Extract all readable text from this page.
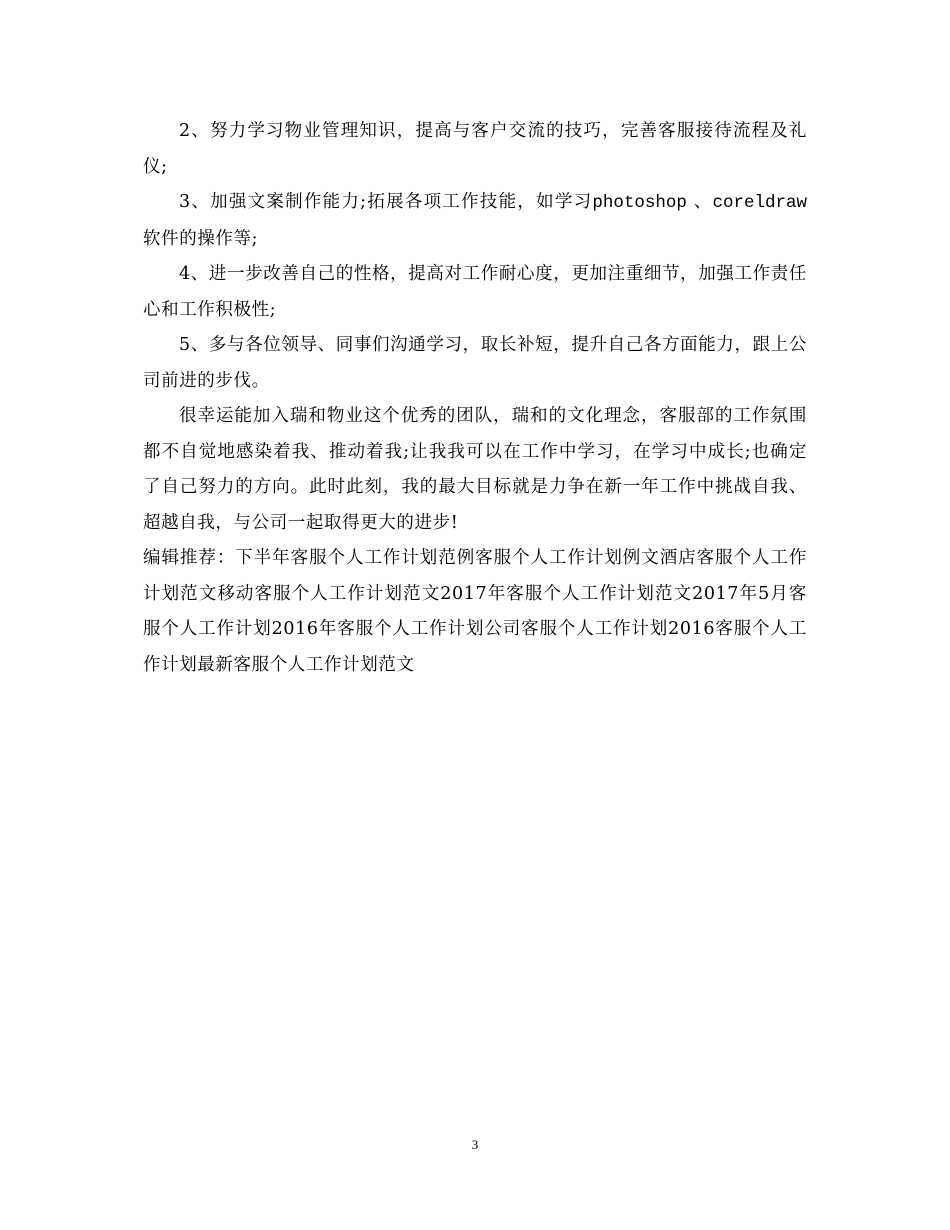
2、努力学习物业管理知识，提高与客户交流的技巧，完善客服接待流程及礼仪;

3、加强文案制作能力;拓展各项工作技能，如学习photoshop 、coreldraw软件的操作等;

4、进一步改善自己的性格，提高对工作耐心度，更加注重细节，加强工作责任心和工作积极性;

5、多与各位领导、同事们沟通学习，取长补短，提升自己各方面能力，跟上公司前进的步伐。

很幸运能加入瑞和物业这个优秀的团队，瑞和的文化理念，客服部的工作氛围都不自觉地感染着我、推动着我;让我我可以在工作中学习，在学习中成长;也确定了自己努力的方向。此时此刻，我的最大目标就是力争在新一年工作中挑战自我、超越自我，与公司一起取得更大的进步!

编辑推荐：下半年客服个人工作计划范例客服个人工作计划例文酒店客服个人工作计划范文移动客服个人工作计划范文2017年客服个人工作计划范文2017年5月客服个人工作计划2016年客服个人工作计划公司客服个人工作计划2016客服个人工作计划最新客服个人工作计划范文

3
